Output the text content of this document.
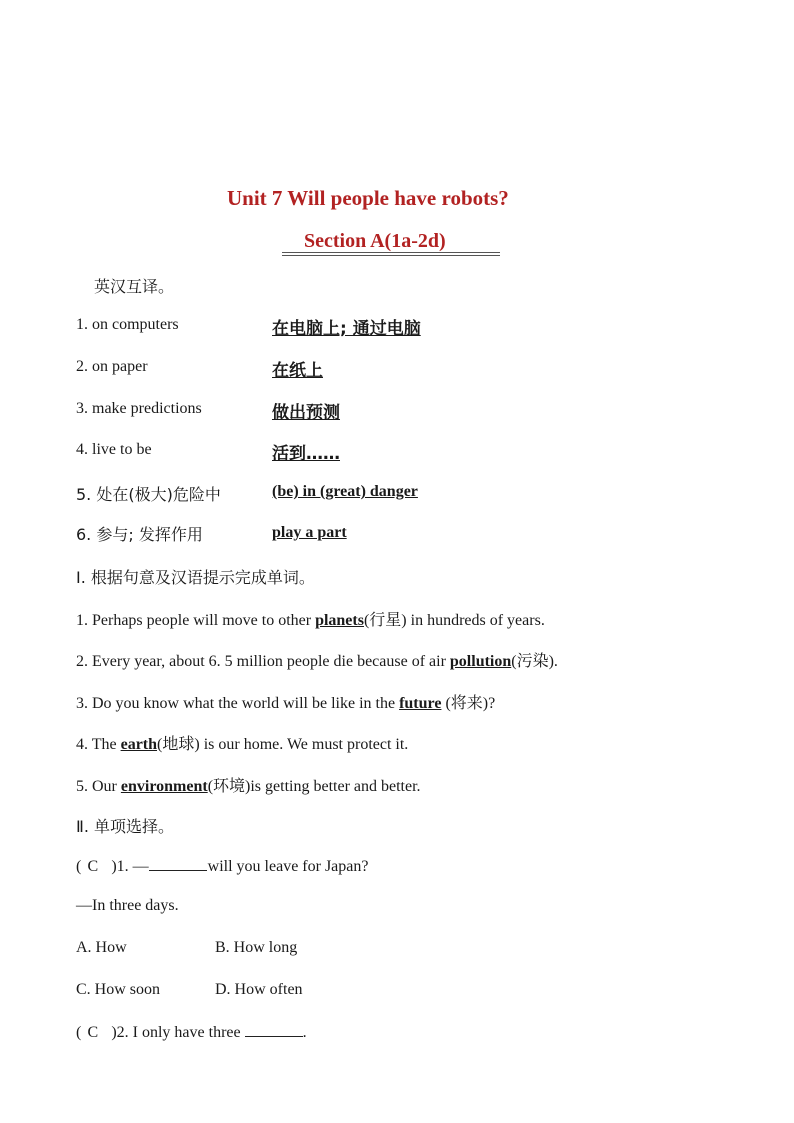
Unit 7 Will people have robots?
Section A(1a-2d)
英汉互译。
1. on computers	在电脑上; 通过电脑
2. on paper	在纸上
3. make predictions	做出预测
4. live to be	活到……
5. 处在(极大)危险中	(be) in (great) danger
6. 参与; 发挥作用	play a part
Ⅰ. 根据句意及汉语提示完成单词。
1. Perhaps people will move to other planets(行星) in hundreds of years.
2. Every year, about 6. 5 million people die because of air pollution(污染).
3. Do you know what the world will be like in the future (将来)?
4. The earth(地球) is our home. We must protect it.
5. Our environment(环境)is getting better and better.
Ⅱ. 单项选择。
( C )1. —	will you leave for Japan?
—In three days.
A. How	B. How long
C. How soon	D. How often
( C )2. I only have three	.
